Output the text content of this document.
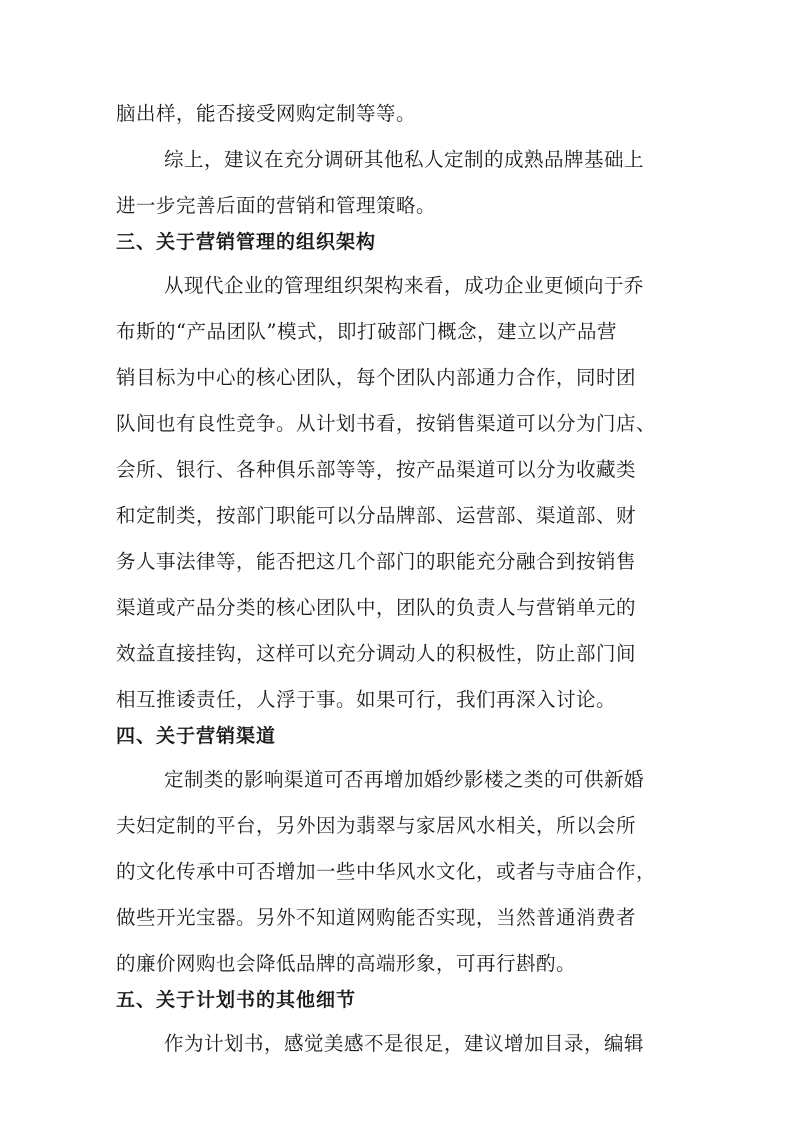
脑出样，能否接受网购定制等等。
综上，建议在充分调研其他私人定制的成熟品牌基础上
进一步完善后面的营销和管理策略。
三、关于营销管理的组织架构
从现代企业的管理组织架构来看，成功企业更倾向于乔
布斯的“产品团队”模式，即打破部门概念，建立以产品营
销目标为中心的核心团队，每个团队内部通力合作，同时团
队间也有良性竞争。从计划书看，按销售渠道可以分为门店、
会所、银行、各种俱乐部等等，按产品渠道可以分为收藏类
和定制类，按部门职能可以分品牌部、运营部、渠道部、财
务人事法律等，能否把这几个部门的职能充分融合到按销售
渠道或产品分类的核心团队中，团队的负责人与营销单元的
效益直接挂钩，这样可以充分调动人的积极性，防止部门间
相互推诿责任，人浮于事。如果可行，我们再深入讨论。
四、关于营销渠道
定制类的影响渠道可否再增加婚纱影楼之类的可供新婚
夫妇定制的平台，另外因为翡翠与家居风水相关，所以会所
的文化传承中可否增加一些中华风水文化，或者与寺庙合作，
做些开光宝器。另外不知道网购能否实现，当然普通消费者
的廉价网购也会降低品牌的高端形象，可再行斟酌。
五、关于计划书的其他细节
作为计划书，感觉美感不是很足，建议增加目录，编辑
